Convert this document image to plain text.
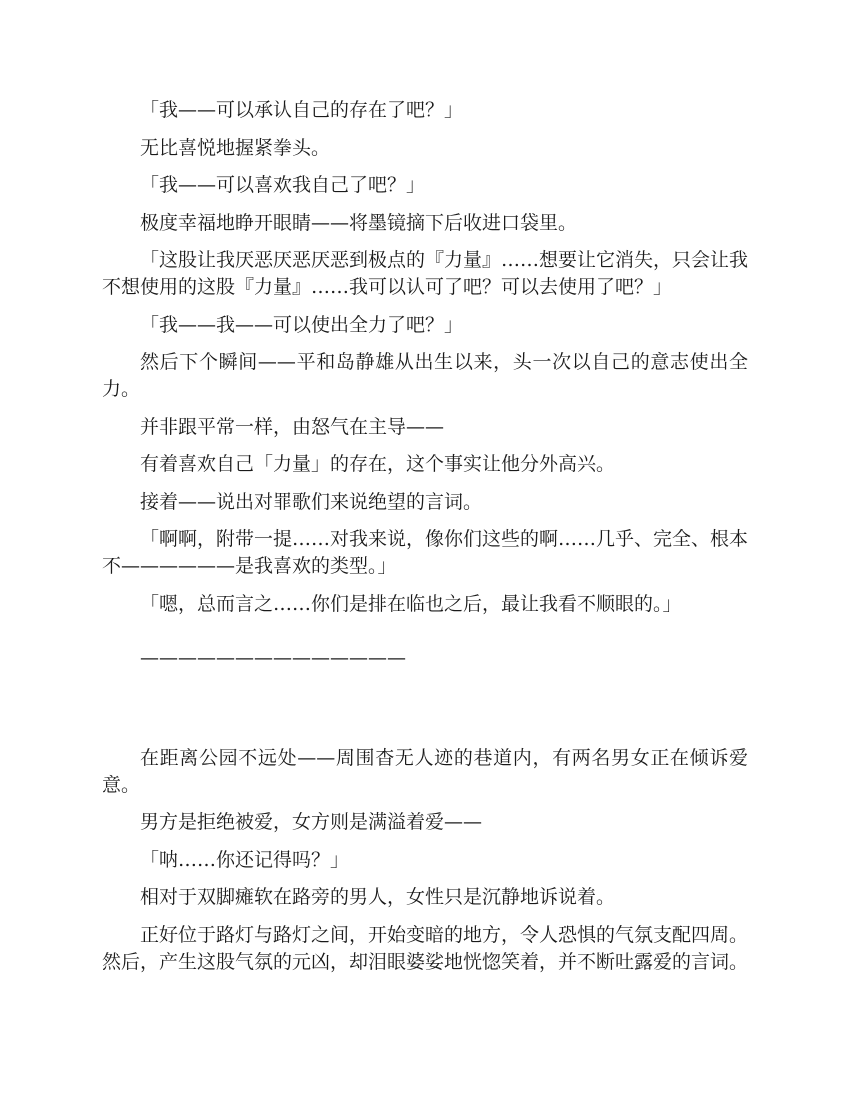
「我——可以承认自己的存在了吧？」

无比喜悦地握紧拳头。

「我——可以喜欢我自己了吧？」

极度幸福地睁开眼睛——将墨镜摘下后收进口袋里。

「这股让我厌恶厌恶厌恶到极点的『力量』……想要让它消失，只会让我不想使用的这股『力量』……我可以认可了吧？可以去使用了吧？」

「我——我——可以使出全力了吧？」

然后下个瞬间——平和岛静雄从出生以来，头一次以自己的意志使出全力。

并非跟平常一样，由怒气在主导——

有着喜欢自己「力量」的存在，这个事实让他分外高兴。

接着——说出对罪歌们来说绝望的言词。

「啊啊，附带一提……对我来说，像你们这些的啊……几乎、完全、根本不——————是我喜欢的类型。」

「嗯，总而言之……你们是排在临也之后，最让我看不顺眼的。」

——————————————

在距离公园不远处——周围杳无人迹的巷道内，有两名男女正在倾诉爱意。

男方是拒绝被爱，女方则是满溢着爱——

「呐……你还记得吗？」

相对于双脚瘫软在路旁的男人，女性只是沉静地诉说着。

正好位于路灯与路灯之间，开始变暗的地方，令人恐惧的气氛支配四周。然后，产生这股气氛的元凶，却泪眼婆娑地恍惚笑着，并不断吐露爱的言词。
